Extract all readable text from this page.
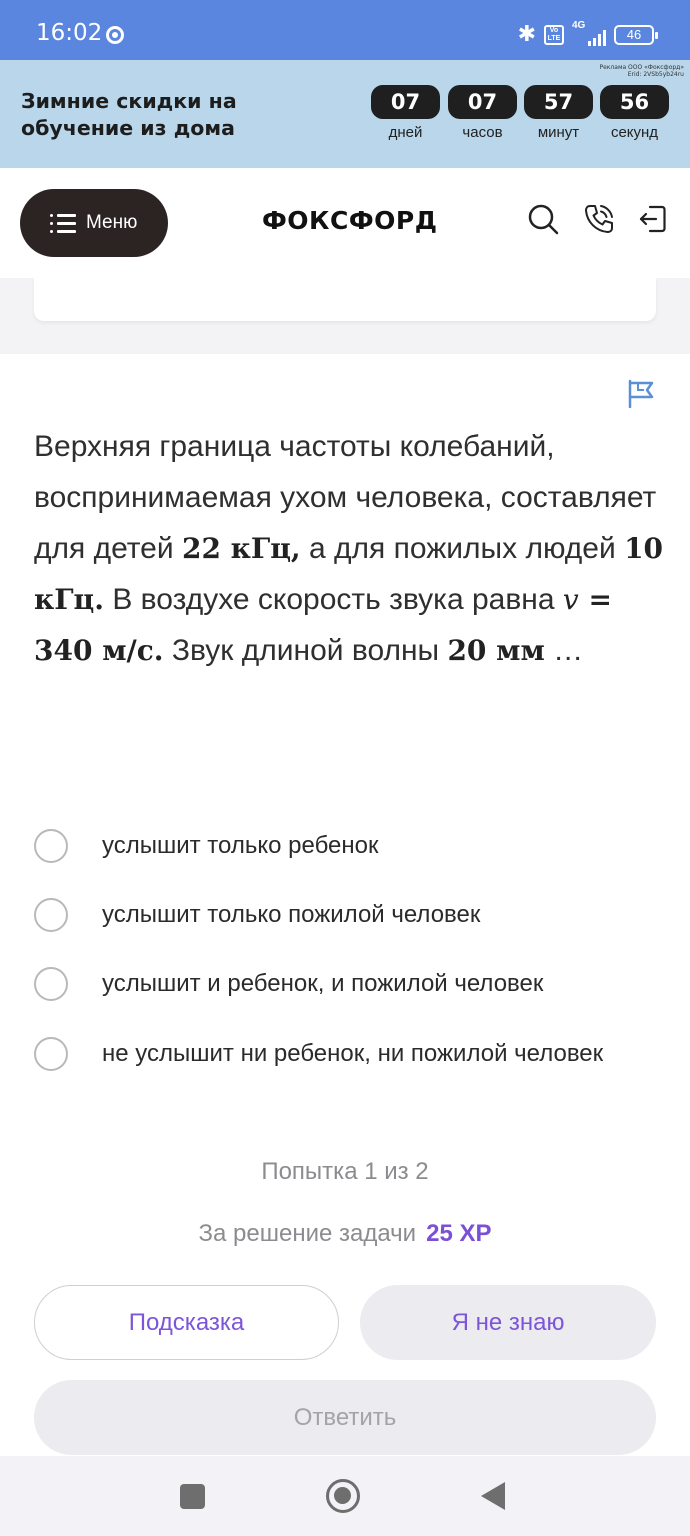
16:02	✱	Vo LTE
4G
46
Зимние скидки на
обучение из дома
Реклама ООО «Фоксфорд»
Erid: 2VSb5yb24ru
07	07	57	56
дней	часов	минут	секунд
Меню	ФОКСФОРД
Верхняя граница частоты колебаний, воспринимаемая ухом человека, составляет для детей 22 кГц, а для пожилых людей 10 кГц. В воздухе скорость звука равна v = 340 м/с. Звук длиной волны 20 мм …
услышит только ребенок
услышит только пожилой человек
услышит и ребенок, и пожилой человек
не услышит ни ребенок, ни пожилой человек
Попытка 1 из 2
За решение задачи 25 XP
Подсказка	Я не знаю
Ответить
